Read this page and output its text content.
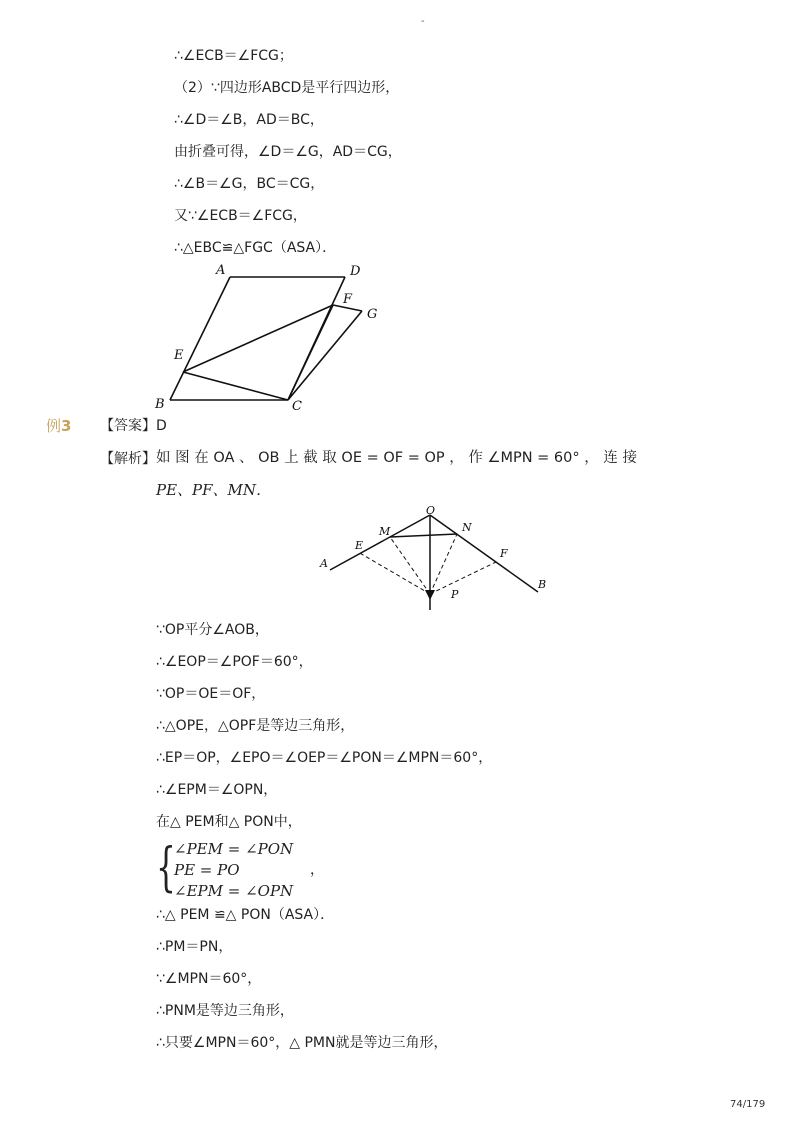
-
∴∠ECB＝∠FCG；
（2）∵四边形ABCD是平行四边形，
∴∠D＝∠B，AD＝BC，
由折叠可得，∠D＝∠G，AD＝CG，
∴∠B＝∠G，BC＝CG，
又∵∠ECB＝∠FCG，
∴△EBC≌△FGC（ASA）．
A	D
F
G
E
B	C
例3 【答案】D
【解析】 如 图 在 OA 、 OB 上 截 取 OE = OF = OP ， 作 ∠MPN = 60° ， 连 接
PE、PF、MN．
O
M	N
E
F
A
B
P
∵OP平分∠AOB，
∴∠EOP＝∠POF＝60°，
∵OP＝OE＝OF，
∴△OPE，△OPF是等边三角形，
∴EP＝OP，∠EPO＝∠OEP＝∠PON＝∠MPN＝60°，
∴∠EPM＝∠OPN，
在△ PEM和△ PON中，
{
∠PEM = ∠PON
PE = PO
∠EPM = ∠OPN
，
∴△ PEM ≌△ PON（ASA）．
∴PM＝PN，
∵∠MPN＝60°，
∴PNM是等边三角形，
∴只要∠MPN＝60°，△ PMN就是等边三角形，
74/179
